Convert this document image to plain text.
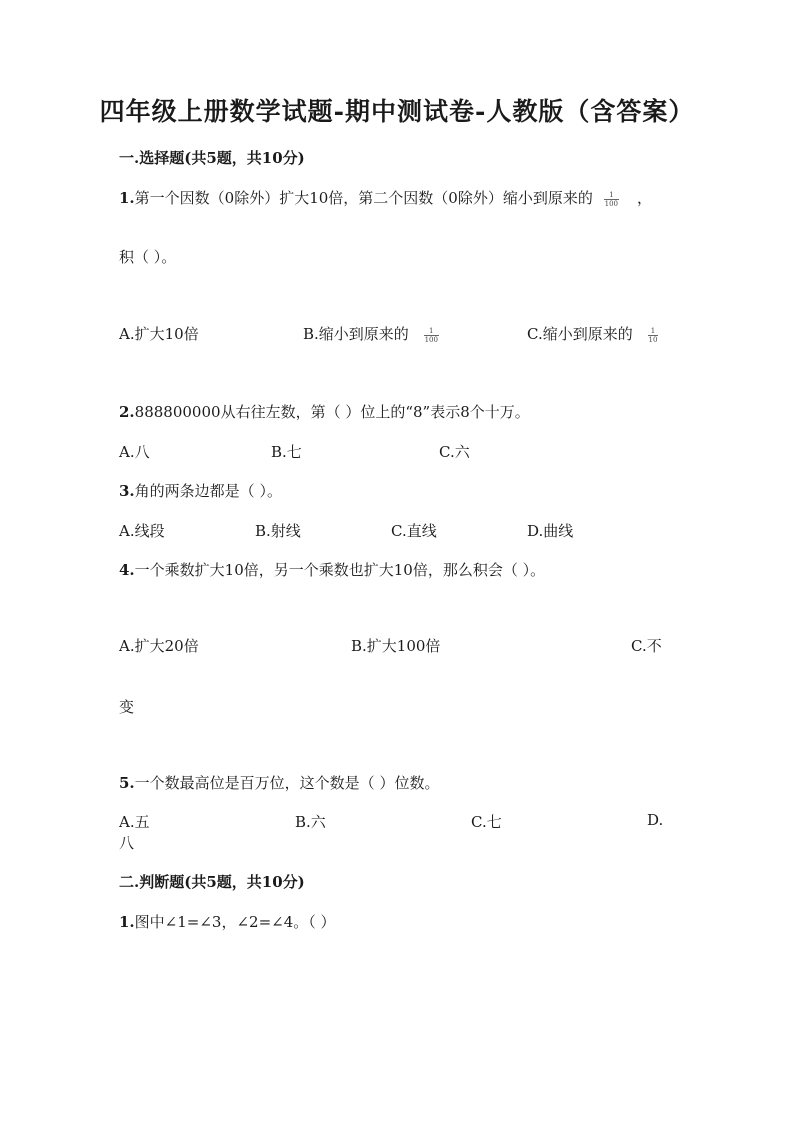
四年级上册数学试题-期中测试卷-人教版（含答案）
一.选择题(共5题，共10分)
1.第一个因数（0除外）扩大10倍，第二个因数（0除外）缩小到原来的 $\frac{1}{100}$ ，
积（ ）。
A.扩大10倍	B.缩小到原来的 $\frac{1}{100}$	C.缩小到原来的 $\frac{1}{10}$
2.888800000从右往左数，第（ ）位上的“8”表示8个十万。
A.八	B.七	C.六
3.角的两条边都是（ ）。
A.线段	B.射线	C.直线	D.曲线
4.一个乘数扩大10倍，另一个乘数也扩大10倍，那么积会（ ）。
A.扩大20倍	B.扩大100倍	C.不
变
5.一个数最高位是百万位，这个数是（ ）位数。
A.五	B.六	C.七	D.
八
二.判断题(共5题，共10分)
1.图中∠1=∠3，∠2=∠4。（ ）
